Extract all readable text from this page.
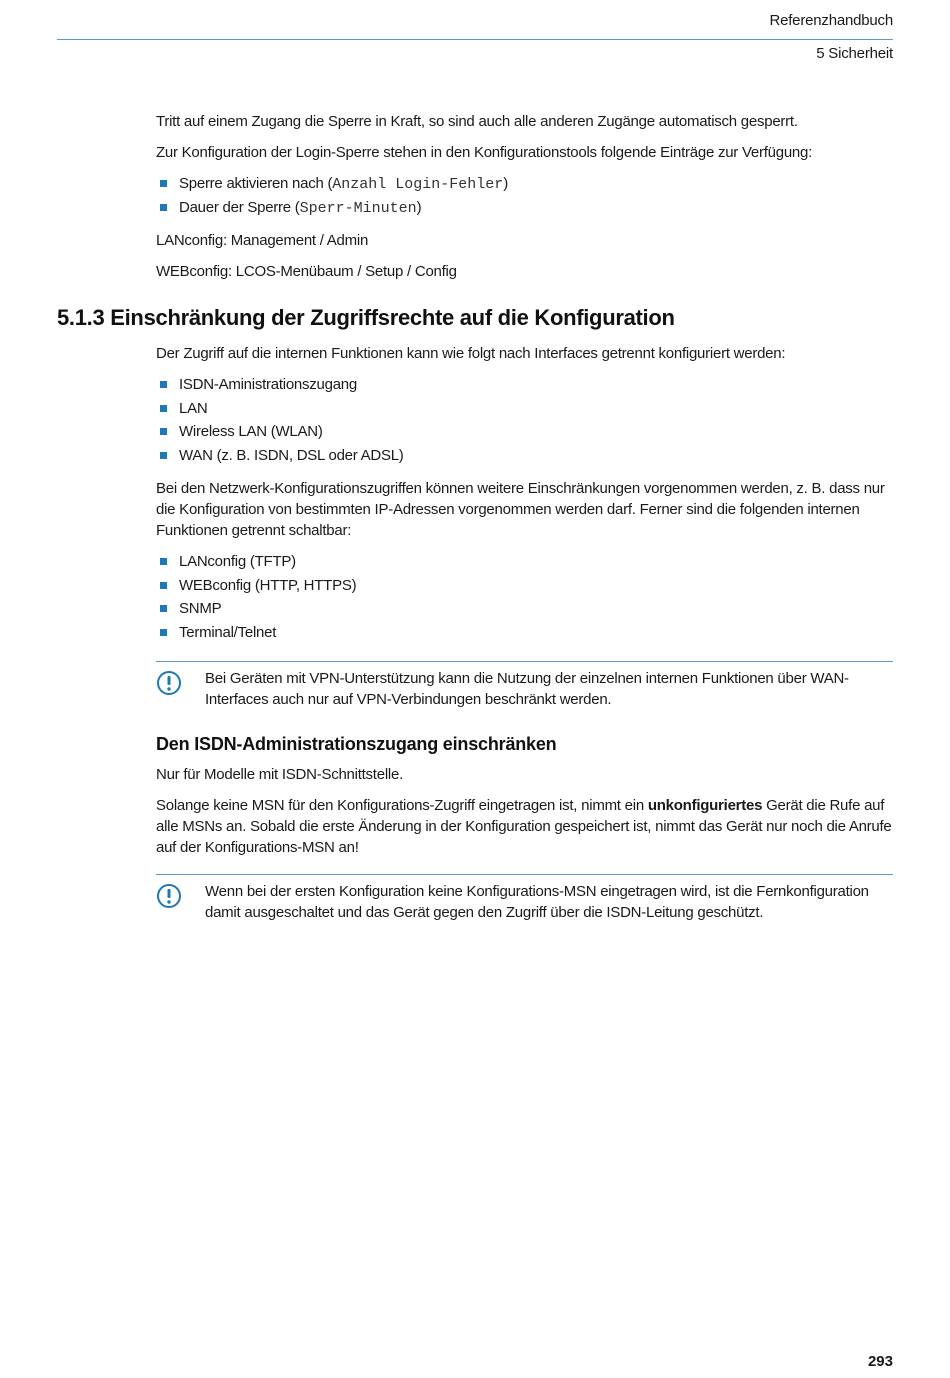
Referenzhandbuch
5 Sicherheit

Tritt auf einem Zugang die Sperre in Kraft, so sind auch alle anderen Zugänge automatisch gesperrt.

Zur Konfiguration der Login-Sperre stehen in den Konfigurationstools folgende Einträge zur Verfügung:

Sperre aktivieren nach (Anzahl Login-Fehler)
Dauer der Sperre (Sperr-Minuten)

LANconfig: Management / Admin

WEBconfig: LCOS-Menübaum / Setup / Config

5.1.3 Einschränkung der Zugriffsrechte auf die Konfiguration

Der Zugriff auf die internen Funktionen kann wie folgt nach Interfaces getrennt konfiguriert werden:

ISDN-Aministrationszugang
LAN
Wireless LAN (WLAN)
WAN (z. B. ISDN, DSL oder ADSL)

Bei den Netzwerk-Konfigurationszugriffen können weitere Einschränkungen vorgenommen werden, z. B. dass nur die Konfiguration von bestimmten IP-Adressen vorgenommen werden darf. Ferner sind die folgenden internen Funktionen getrennt schaltbar:

LANconfig (TFTP)
WEBconfig (HTTP, HTTPS)
SNMP
Terminal/Telnet
Bei Geräten mit VPN-Unterstützung kann die Nutzung der einzelnen internen Funktionen über WAN-Interfaces auch nur auf VPN-Verbindungen beschränkt werden.
Den ISDN-Administrationszugang einschränken

Nur für Modelle mit ISDN-Schnittstelle.

Solange keine MSN für den Konfigurations-Zugriff eingetragen ist, nimmt ein unkonfiguriertes Gerät die Rufe auf alle MSNs an. Sobald die erste Änderung in der Konfiguration gespeichert ist, nimmt das Gerät nur noch die Anrufe auf der Konfigurations-MSN an!

Wenn bei der ersten Konfiguration keine Konfigurations-MSN eingetragen wird, ist die Fernkonfiguration damit ausgeschaltet und das Gerät gegen den Zugriff über die ISDN-Leitung geschützt.
293
